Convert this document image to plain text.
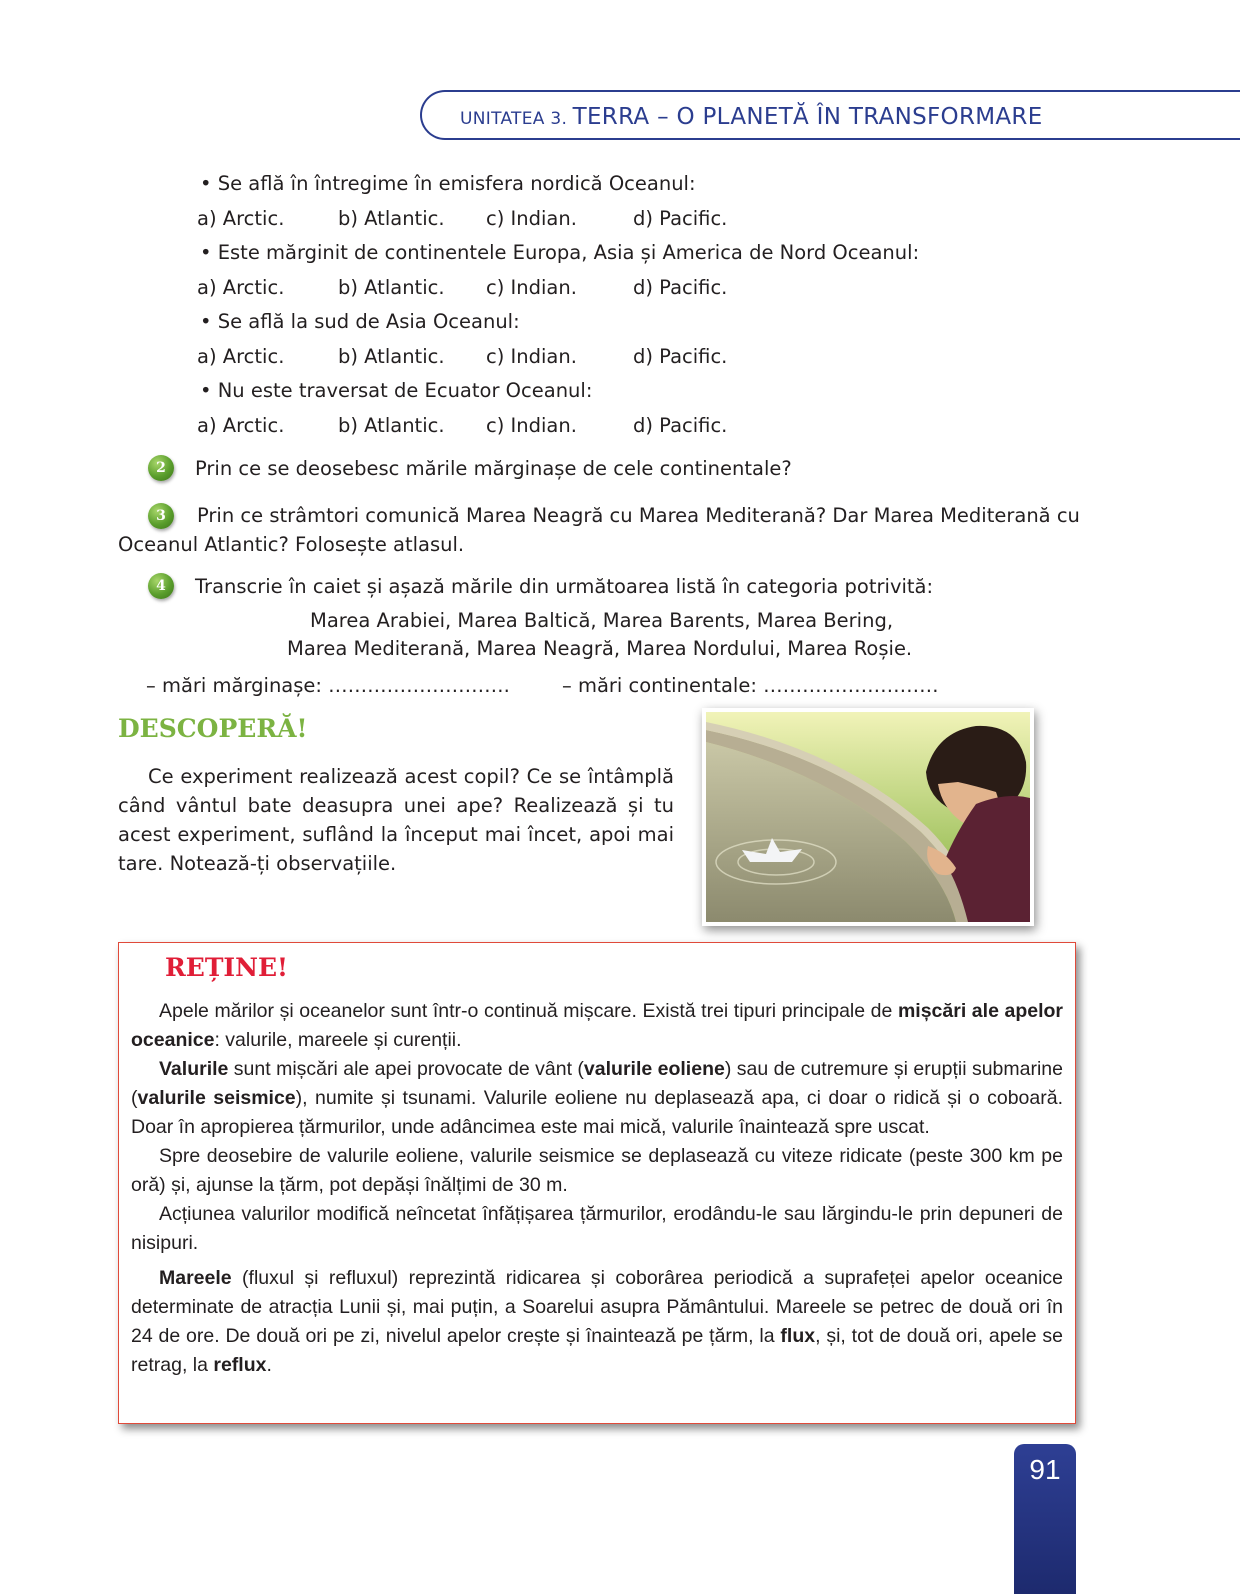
UNITATEA 3. TERRA – O PLANETĂ ÎN TRANSFORMARE
• Se află în întregime în emisfera nordică Oceanul:
a) Arctic.	b) Atlantic. c) Indian.	d) Pacific.
• Este mărginit de continentele Europa, Asia și America de Nord Oceanul:
a) Arctic.	b) Atlantic. c) Indian.	d) Pacific.
• Se află la sud de Asia Oceanul:
a) Arctic.	b) Atlantic. c) Indian.	d) Pacific.
• Nu este traversat de Ecuator Oceanul:
a) Arctic.	b) Atlantic. c) Indian.	d) Pacific.
2	Prin ce se deosebesc mările mărginașe de cele continentale?
3	Prin ce strâmtori comunică Marea Neagră cu Marea Mediterană? Dar Marea Mediterană cu
Oceanul Atlantic? Folosește atlasul.
4	Transcrie în caiet și așază mările din următoarea listă în categoria potrivită:
Marea Arabiei, Marea Baltică, Marea Barents, Marea Bering,
Marea Mediterană, Marea Neagră, Marea Nordului, Marea Roșie.
– mări mărginașe: ……………………….	– mări continentale: ………………………
DESCOPERĂ!
Ce experiment realizează acest copil? Ce se întâmplă când vântul bate deasupra unei ape? Realizează și tu acest experiment, suflând la început mai încet, apoi mai tare. Notează-ți observațiile.
REȚINE!

Apele mărilor și oceanelor sunt într-o continuă mișcare. Există trei tipuri principale de mișcări ale apelor oceanice: valurile, mareele și curenții.

Valurile sunt mișcări ale apei provocate de vânt (valurile eoliene) sau de cutremure și erupții submarine (valurile seismice), numite și tsunami. Valurile eoliene nu deplasează apa, ci doar o ridică și o coboară. Doar în apropierea țărmurilor, unde adâncimea este mai mică, valurile înaintează spre uscat.

Spre deosebire de valurile eoliene, valurile seismice se deplasează cu viteze ridicate (peste 300 km pe oră) și, ajunse la țărm, pot depăși înălțimi de 30 m.

Acțiunea valurilor modifică neîncetat înfățișarea țărmurilor, erodându-le sau lărgindu-le prin depuneri de nisipuri.

Mareele (fluxul și refluxul) reprezintă ridicarea și coborârea periodică a suprafeței apelor oceanice determinate de atracția Lunii și, mai puțin, a Soarelui asupra Pământului. Mareele se petrec de două ori în 24 de ore. De două ori pe zi, nivelul apelor crește și înaintează pe țărm, la flux, și, tot de două ori, apele se retrag, la reflux.

91
